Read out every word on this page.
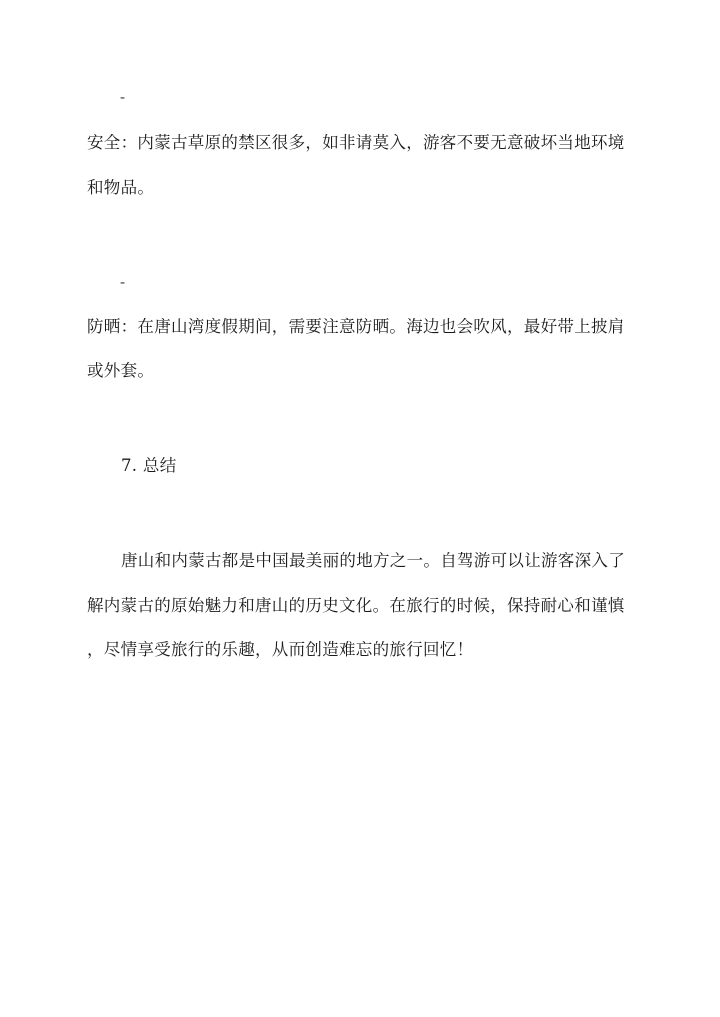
-
安全：内蒙古草原的禁区很多，如非请莫入，游客不要无意破坏当地环境
和物品。
-
防晒：在唐山湾度假期间，需要注意防晒。海边也会吹风，最好带上披肩
或外套。
7. 总结
唐山和内蒙古都是中国最美丽的地方之一。自驾游可以让游客深入了
解内蒙古的原始魅力和唐山的历史文化。在旅行的时候，保持耐心和谨慎
，尽情享受旅行的乐趣，从而创造难忘的旅行回忆！
